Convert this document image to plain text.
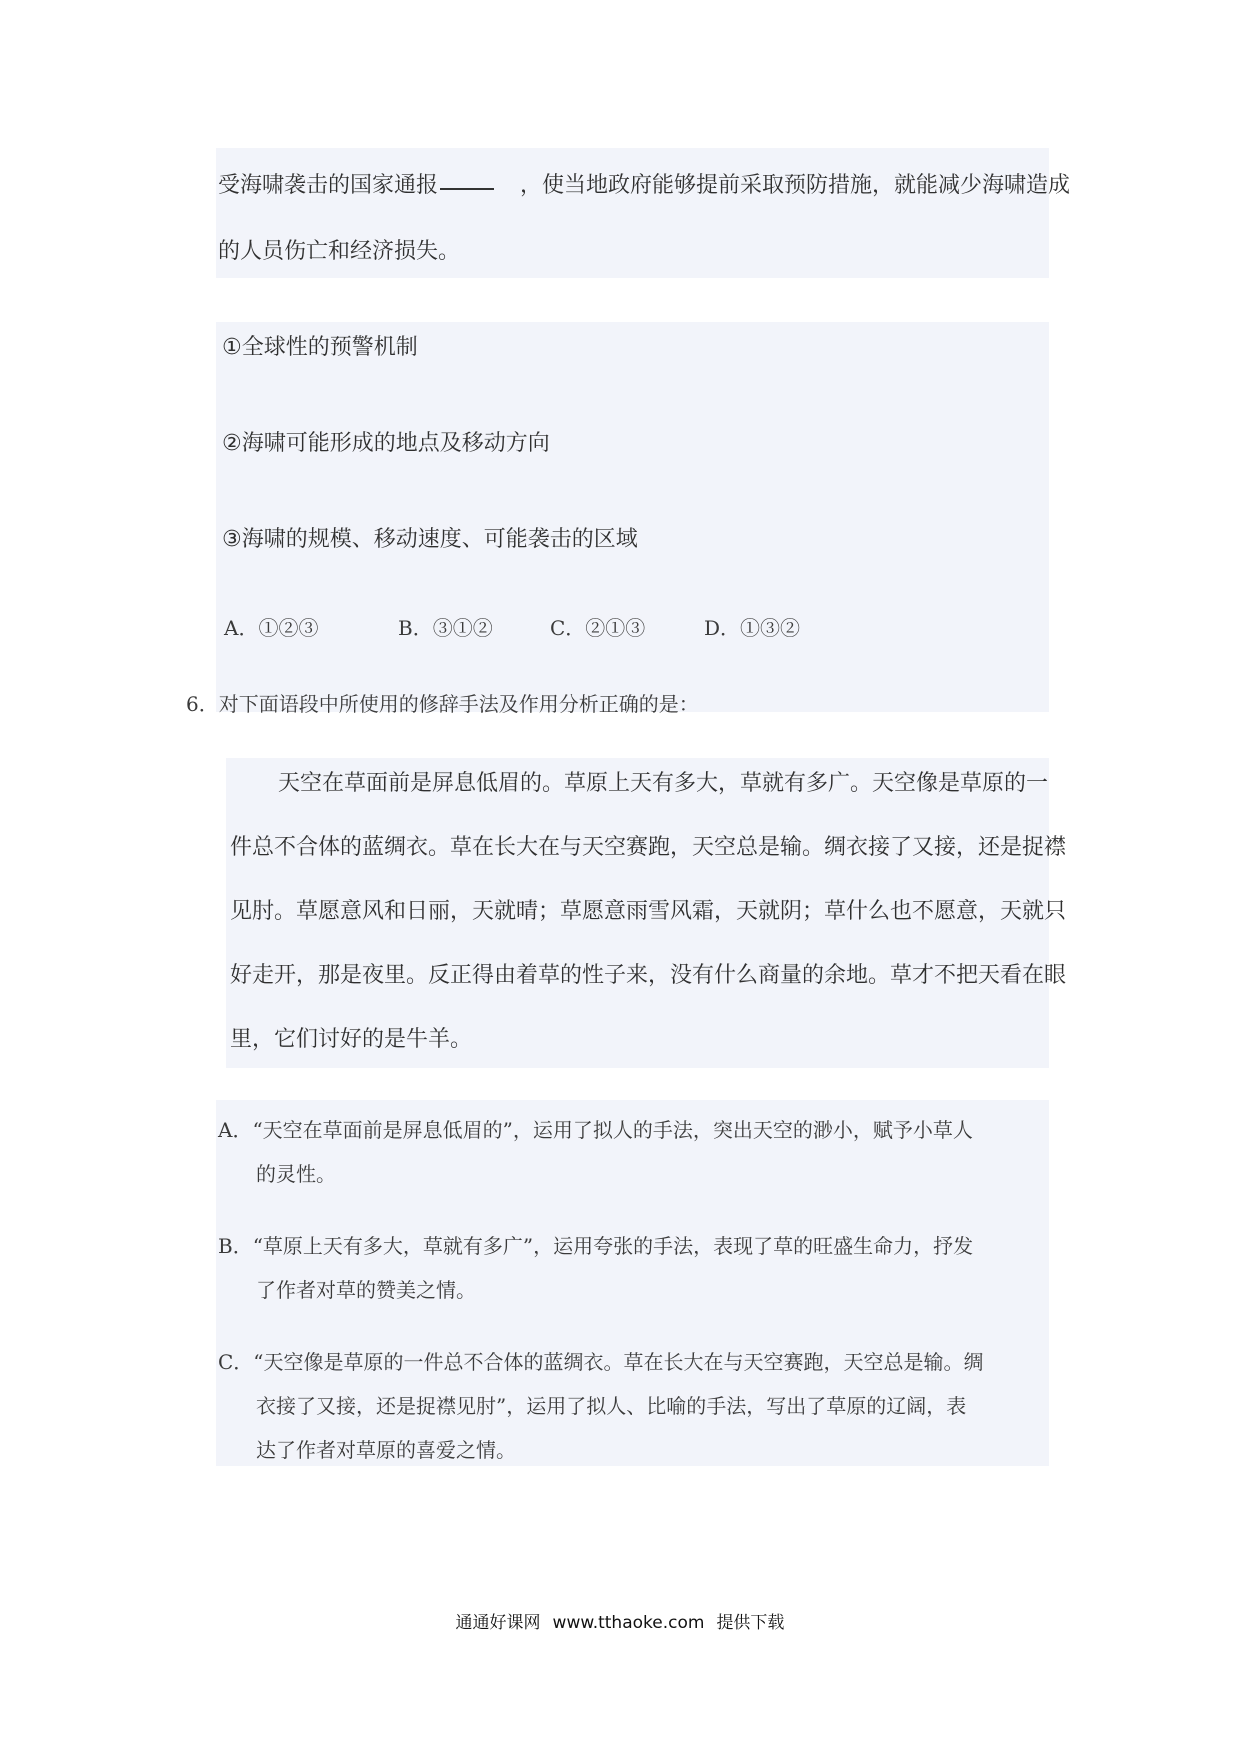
受海啸袭击的国家通报	，使当地政府能够提前采取预防措施，就能减少海啸造成
的人员伤亡和经济损失。
①全球性的预警机制
②海啸可能形成的地点及移动方向
③海啸的规模、移动速度、可能袭击的区域
A．①②③	B．③①②	C．②①③	D．①③②
6．对下面语段中所使用的修辞手法及作用分析正确的是：
天空在草面前是屏息低眉的。草原上天有多大，草就有多广。天空像是草原的一
件总不合体的蓝绸衣。草在长大在与天空赛跑，天空总是输。绸衣接了又接，还是捉襟
见肘。草愿意风和日丽，天就晴；草愿意雨雪风霜，天就阴；草什么也不愿意，天就只
好走开，那是夜里。反正得由着草的性子来，没有什么商量的余地。草才不把天看在眼
里，它们讨好的是牛羊。
A．“天空在草面前是屏息低眉的”，运用了拟人的手法，突出天空的渺小，赋予小草人
的灵性。
B．“草原上天有多大，草就有多广”，运用夸张的手法，表现了草的旺盛生命力，抒发
了作者对草的赞美之情。
C．“天空像是草原的一件总不合体的蓝绸衣。草在长大在与天空赛跑，天空总是输。绸
衣接了又接，还是捉襟见肘”，运用了拟人、比喻的手法，写出了草原的辽阔，表
达了作者对草原的喜爱之情。
通通好课网 www.tthaoke.com 提供下载
